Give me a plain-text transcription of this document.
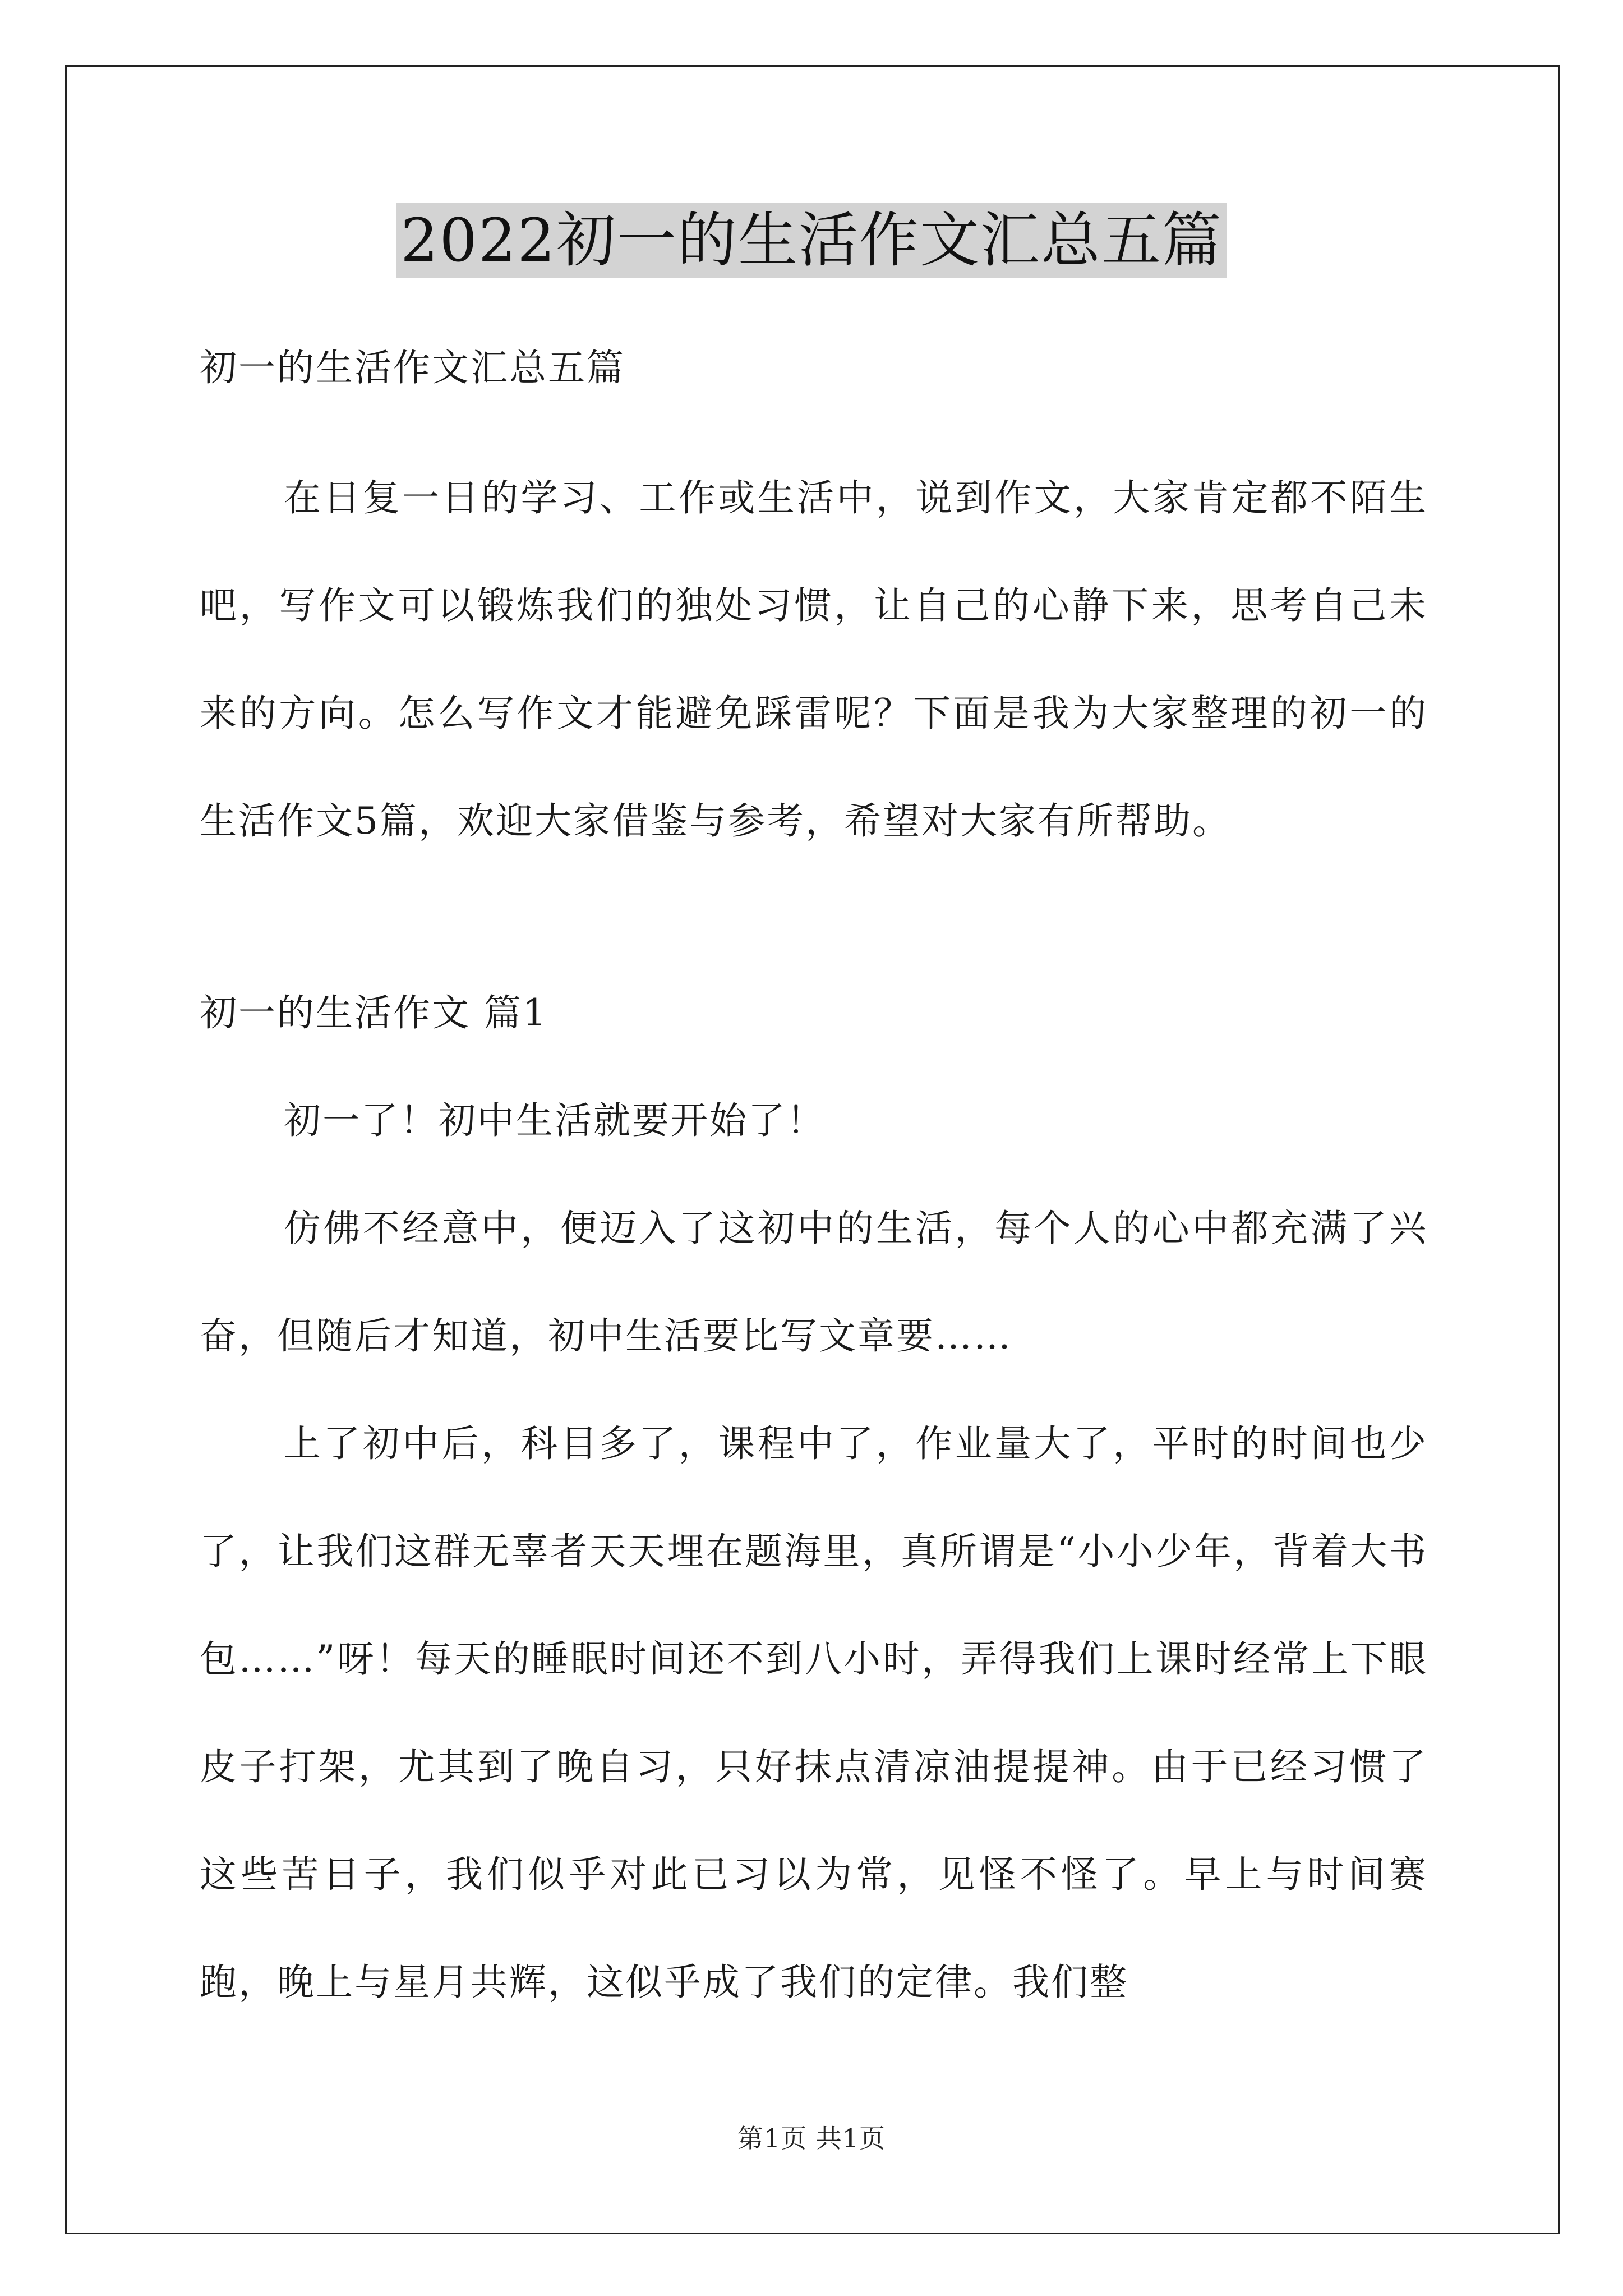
2022初一的生活作文汇总五篇

初一的生活作文汇总五篇

在日复一日的学习、工作或生活中，说到作文，大家肯定都不陌生吧，写作文可以锻炼我们的独处习惯，让自己的心静下来，思考自己未来的方向。怎么写作文才能避免踩雷呢？下面是我为大家整理的初一的生活作文5篇，欢迎大家借鉴与参考，希望对大家有所帮助。

初一的生活作文 篇1

初一了！初中生活就要开始了！

仿佛不经意中，便迈入了这初中的生活，每个人的心中都充满了兴奋，但随后才知道，初中生活要比写文章要……

上了初中后，科目多了，课程中了，作业量大了，平时的时间也少了，让我们这群无辜者天天埋在题海里，真所谓是“小小少年，背着大书包……”呀！每天的睡眠时间还不到八小时，弄得我们上课时经常上下眼皮子打架，尤其到了晚自习，只好抹点清凉油提提神。由于已经习惯了这些苦日子，我们似乎对此已习以为常，见怪不怪了。早上与时间赛跑，晚上与星月共辉，这似乎成了我们的定律。我们整

第1页 共1页
